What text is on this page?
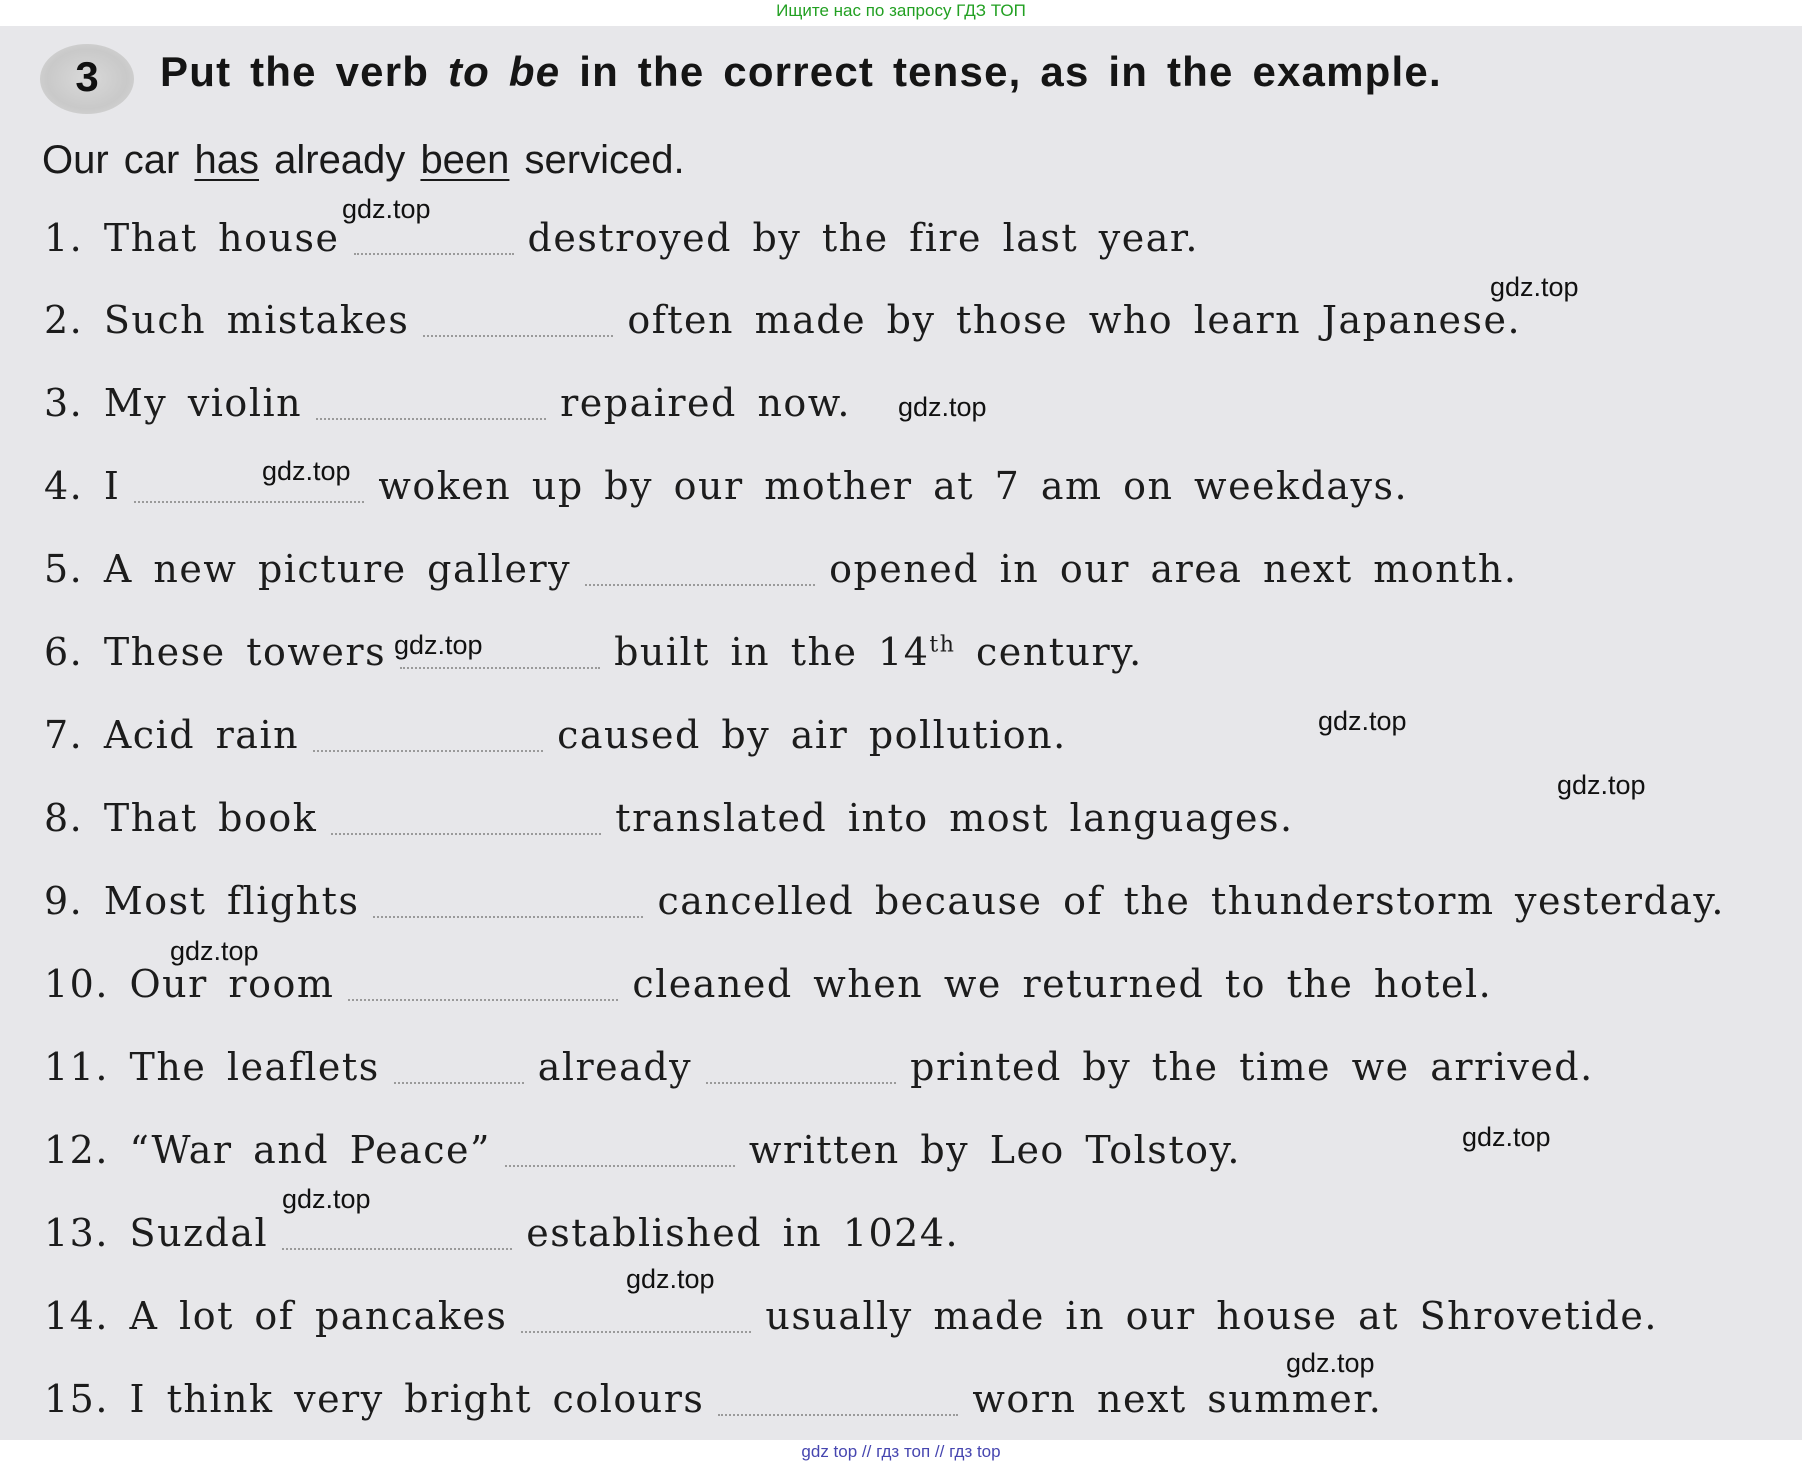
Ищите нас по запросу ГДЗ ТОП
3	Put the verb to be in the correct tense, as in the example.
Our car has already been serviced.
1. That house	destroyed by the fire last year.
2. Such mistakes	often made by those who learn Japanese.
3. My violin	repaired now.
4. I	woken up by our mother at 7 am on weekdays.
5. A new picture gallery	opened in our area next month.
6. These towers	built in the 14th century.
7. Acid rain	caused by air pollution.
8. That book	translated into most languages.
9. Most flights	cancelled because of the thunderstorm yesterday.
10. Our room	cleaned when we returned to the hotel.
11. The leaflets	already	printed by the time we arrived.
12. “War and Peace”	written by Leo Tolstoy.
13. Suzdal	established in 1024.
14. A lot of pancakes	usually made in our house at Shrovetide.
15. I think very bright colours	worn next summer.
gdz.top
gdz.top
gdz.top
gdz.top
gdz.top
gdz.top
gdz.top
gdz.top
gdz.top
gdz.top
gdz.top
gdz.top
gdz top // гдз топ // гдз top
